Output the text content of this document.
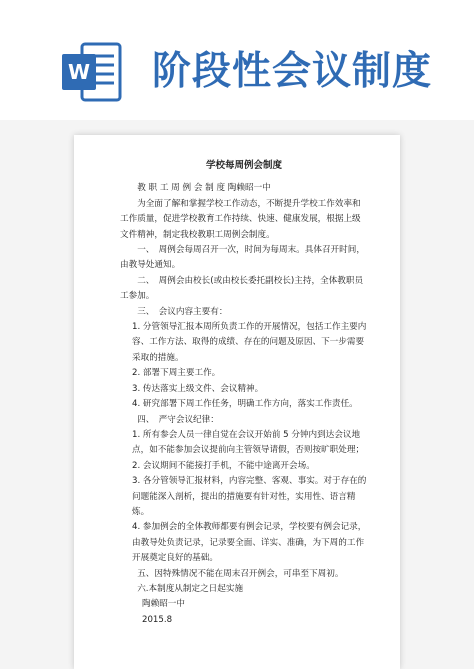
W 阶段性会议制度

学校每周例会制度

教 职 工 周 例 会 制 度 陶赖昭一中

为全面了解和掌握学校工作动态，不断提升学校工作效率和工作质量，促进学校教育工作持续、快速、健康发展，根据上级文件精神，制定我校教职工周例会制度。

一、　周例会每周召开一次，时间为每周末。具体召开时间，由教导处通知。

二、　周例会由校长(或由校长委托副校长)主持，全体教职员工参加。

三、　会议内容主要有：

1. 分管领导汇报本周所负责工作的开展情况，包括工作主要内容、工作方法、取得的成绩、存在的问题及原因、下一步需要采取的措施。

2. 部署下周主要工作。

3. 传达落实上级文件、会议精神。

4. 研究部署下周工作任务，明确工作方向，落实工作责任。

四、　严守会议纪律：

1. 所有参会人员一律自觉在会议开始前 5 分钟内到达会议地点，如不能参加会议提前向主管领导请假，否则按旷职处理；

2. 会议期间不能接打手机，不能中途离开会场。

3. 各分管领导汇报材料，内容完整、客观、事实。对于存在的问题能深入剖析，提出的措施要有针对性，实用性、语言精炼。

4. 参加例会的全体教师都要有例会记录，学校要有例会记录，由教导处负责记录，记录要全面、详实、准确，为下周的工作开展奠定良好的基础。

五、因特殊情况不能在周末召开例会，可串至下周初。

六.本制度从制定之日起实施

陶赖昭一中

2015.8
